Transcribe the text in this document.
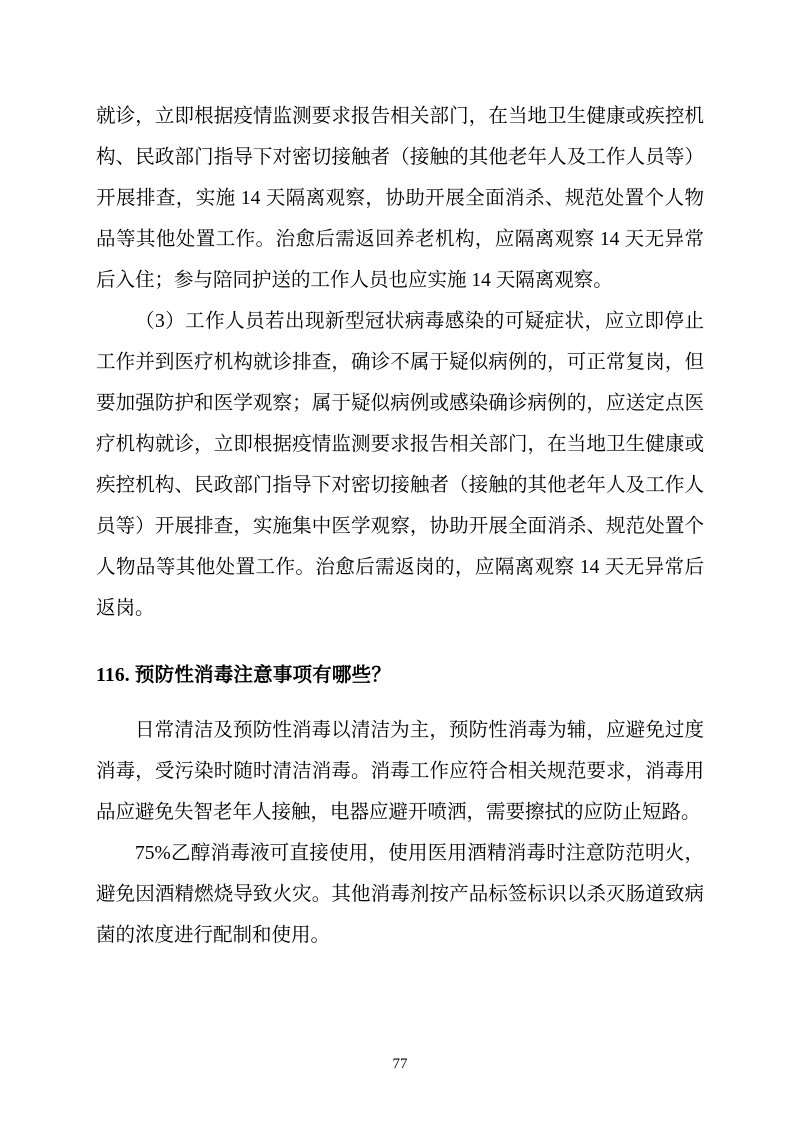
就诊，立即根据疫情监测要求报告相关部门，在当地卫生健康或疾控机构、民政部门指导下对密切接触者（接触的其他老年人及工作人员等）开展排查，实施 14 天隔离观察，协助开展全面消杀、规范处置个人物品等其他处置工作。治愈后需返回养老机构，应隔离观察 14 天无异常后入住；参与陪同护送的工作人员也应实施 14 天隔离观察。

（3）工作人员若出现新型冠状病毒感染的可疑症状，应立即停止工作并到医疗机构就诊排查，确诊不属于疑似病例的，可正常复岗，但要加强防护和医学观察；属于疑似病例或感染确诊病例的，应送定点医疗机构就诊，立即根据疫情监测要求报告相关部门，在当地卫生健康或疾控机构、民政部门指导下对密切接触者（接触的其他老年人及工作人员等）开展排查，实施集中医学观察，协助开展全面消杀、规范处置个人物品等其他处置工作。治愈后需返岗的，应隔离观察 14 天无异常后返岗。

116. 预防性消毒注意事项有哪些？

日常清洁及预防性消毒以清洁为主，预防性消毒为辅，应避免过度消毒，受污染时随时清洁消毒。消毒工作应符合相关规范要求，消毒用品应避免失智老年人接触，电器应避开喷洒，需要擦拭的应防止短路。

75%乙醇消毒液可直接使用，使用医用酒精消毒时注意防范明火，避免因酒精燃烧导致火灾。其他消毒剂按产品标签标识以杀灭肠道致病菌的浓度进行配制和使用。

77
